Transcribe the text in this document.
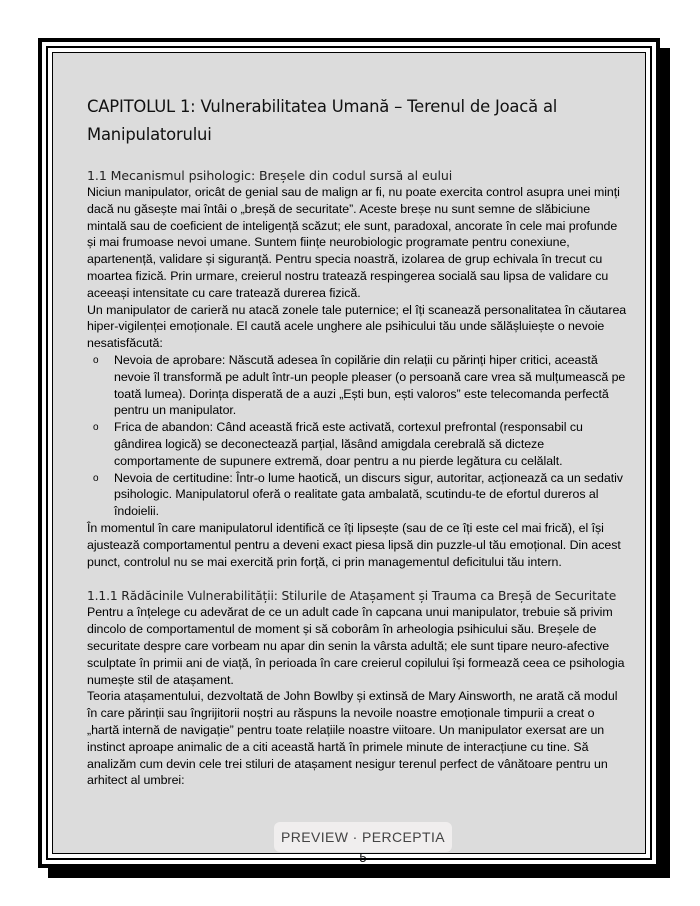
CAPITOLUL 1: Vulnerabilitatea Umană – Terenul de Joacă al Manipulatorului
1.1 Mecanismul psihologic: Breșele din codul sursă al eului

Niciun manipulator, oricât de genial sau de malign ar fi, nu poate exercita control asupra unei minți dacă nu găsește mai întâi o „breșă de securitate”. Aceste breșe nu sunt semne de slăbiciune mintală sau de coeficient de inteligență scăzut; ele sunt, paradoxal, ancorate în cele mai profunde și mai frumoase nevoi umane. Suntem ființe neurobiologic programate pentru conexiune, apartenență, validare și siguranță. Pentru specia noastră, izolarea de grup echivala în trecut cu moartea fizică. Prin urmare, creierul nostru tratează respingerea socială sau lipsa de validare cu aceeași intensitate cu care tratează durerea fizică.

Un manipulator de carieră nu atacă zonele tale puternice; el îți scanează personalitatea în căutarea hiper-vigilenței emoționale. El caută acele unghere ale psihicului tău unde sălășluiește o nevoie nesatisfăcută:

o Nevoia de aprobare: Născută adesea în copilărie din relații cu părinți hiper critici, această nevoie îl transformă pe adult într-un people pleaser (o persoană care vrea să mulțumească pe toată lumea). Dorința disperată de a auzi „Ești bun, ești valoros” este telecomanda perfectă pentru un manipulator.
o Frica de abandon: Când această frică este activată, cortexul prefrontal (responsabil cu gândirea logică) se deconectează parțial, lăsând amigdala cerebrală să dicteze comportamente de supunere extremă, doar pentru a nu pierde legătura cu celălalt.
o Nevoia de certitudine: Într-o lume haotică, un discurs sigur, autoritar, acționează ca un sedativ psihologic. Manipulatorul oferă o realitate gata ambalată, scutindu-te de efortul dureros al îndoielii.

În momentul în care manipulatorul identifică ce îți lipsește (sau de ce îți este cel mai frică), el își ajustează comportamentul pentru a deveni exact piesa lipsă din puzzle-ul tău emoțional. Din acest punct, controlul nu se mai exercită prin forță, ci prin managementul deficitului tău intern.

1.1.1 Rădăcinile Vulnerabilității: Stilurile de Atașament și Trauma ca Breșă de Securitate

Pentru a înțelege cu adevărat de ce un adult cade în capcana unui manipulator, trebuie să privim dincolo de comportamentul de moment și să coborâm în arheologia psihicului său. Breșele de securitate despre care vorbeam nu apar din senin la vârsta adultă; ele sunt tipare neuro-afective sculptate în primii ani de viață, în perioada în care creierul copilului își formează ceea ce psihologia numește stil de atașament.

Teoria atașamentului, dezvoltată de John Bowlby și extinsă de Mary Ainsworth, ne arată că modul în care părinții sau îngrijitorii noștri au răspuns la nevoile noastre emoționale timpurii a creat o „hartă internă de navigație” pentru toate relațiile noastre viitoare. Un manipulator exersat are un instinct aproape animalic de a citi această hartă în primele minute de interacțiune cu tine. Să analizăm cum devin cele trei stiluri de atașament nesigur terenul perfect de vânătoare pentru un arhitect al umbrei:

PREVIEW · PERCEPTIA
5
